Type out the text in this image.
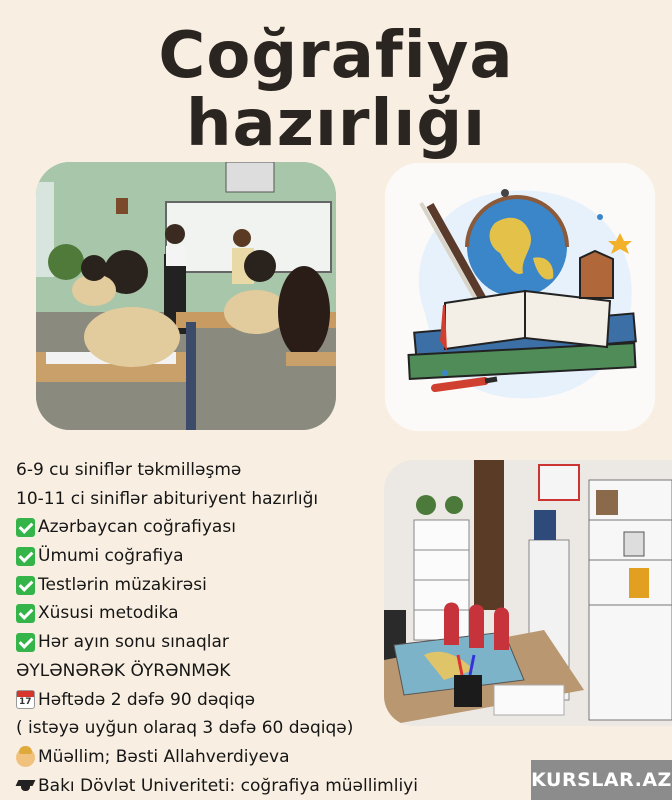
Coğrafiya
hazırlığı
6-9 cu siniflər təkmilləşmə
10-11 ci siniflər abituriyent hazırlığı
Azərbaycan coğrafiyası
Ümumi coğrafiya
Testlərin müzakirəsi
Xüsusi metodika
Hər ayın sonu sınaqlar
ƏYLƏNƏRƏK ÖYRƏNMƏK
17
Həftədə 2 dəfə 90 dəqiqə
( istəyə uyğun olaraq 3 dəfə 60 dəqiqə)
Müəllim; Bəsti Allahverdiyeva
Bakı Dövlət Univeriteti: coğrafiya müəllimliyi	KURSLAR.AZ
